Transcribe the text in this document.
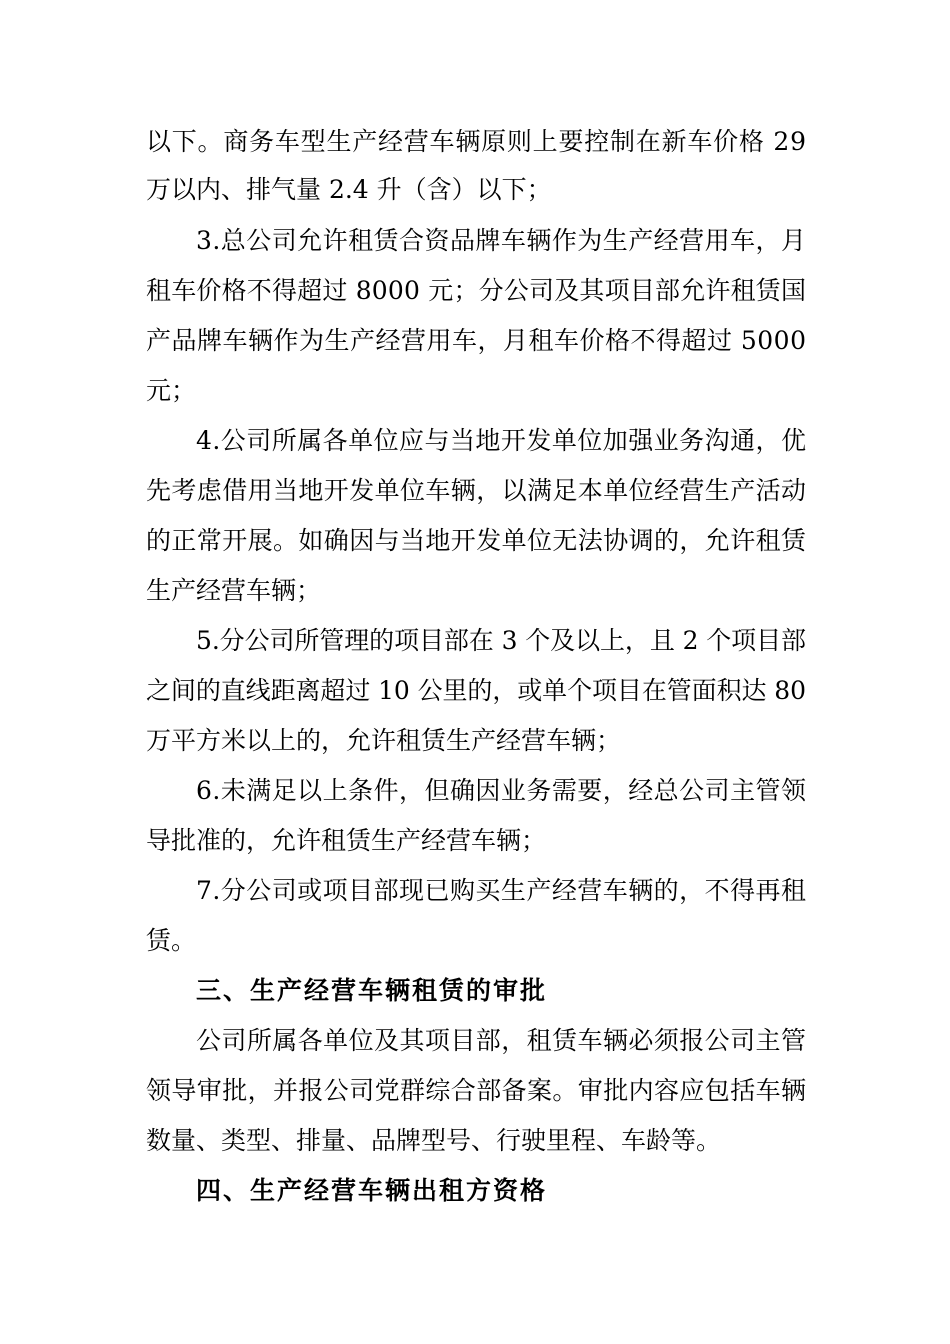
以下。商务车型生产经营车辆原则上要控制在新车价格 29
万以内、排气量 2.4 升（含）以下；
3.总公司允许租赁合资品牌车辆作为生产经营用车，月
租车价格不得超过 8000 元；分公司及其项目部允许租赁国
产品牌车辆作为生产经营用车，月租车价格不得超过 5000
元；
4.公司所属各单位应与当地开发单位加强业务沟通，优
先考虑借用当地开发单位车辆，以满足本单位经营生产活动
的正常开展。如确因与当地开发单位无法协调的，允许租赁
生产经营车辆；
5.分公司所管理的项目部在 3 个及以上，且 2 个项目部
之间的直线距离超过 10 公里的，或单个项目在管面积达 80
万平方米以上的，允许租赁生产经营车辆；
6.未满足以上条件，但确因业务需要，经总公司主管领
导批准的，允许租赁生产经营车辆；
7.分公司或项目部现已购买生产经营车辆的，不得再租
赁。
三、生产经营车辆租赁的审批
公司所属各单位及其项目部，租赁车辆必须报公司主管
领导审批，并报公司党群综合部备案。审批内容应包括车辆
数量、类型、排量、品牌型号、行驶里程、车龄等。
四、生产经营车辆出租方资格
